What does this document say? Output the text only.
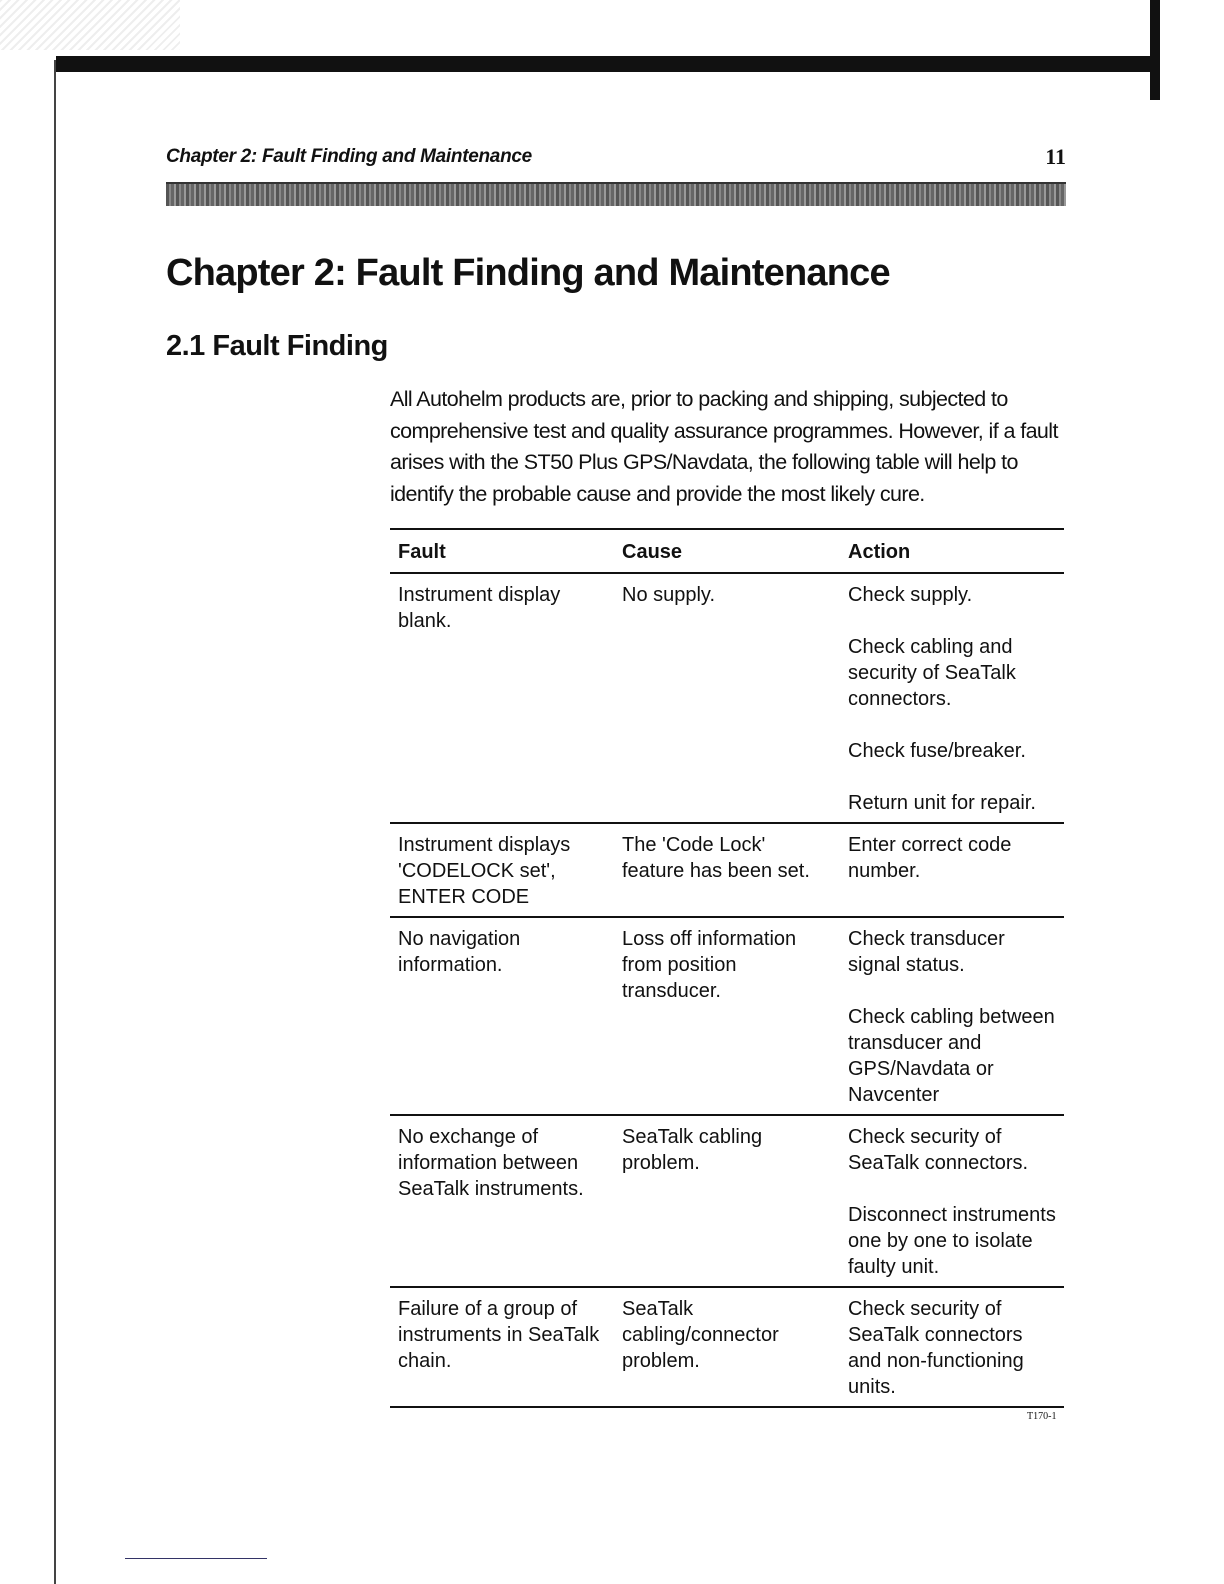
Chapter 2: Fault Finding and Maintenance	11
Chapter 2: Fault Finding and Maintenance
2.1 Fault Finding

All Autohelm products are, prior to packing and shipping, subjected to comprehensive test and quality assurance programmes. However, if a fault arises with the ST50 Plus GPS/Navdata, the following table will help to identify the probable cause and provide the most likely cure.

Fault	Cause	Action
Instrument display blank.	No supply.	Check supply.

Check cabling and security of SeaTalk connectors.

Check fuse/breaker.

Return unit for repair.

Instrument displays 'CODELOCK set', ENTER CODE	The 'Code Lock' feature has been set.	Enter correct code number.

No navigation information.	Loss off information from position transducer.	Check transducer signal status.

Check cabling between transducer and GPS/Navdata or Navcenter

No exchange of information between SeaTalk instruments.	SeaTalk cabling problem.	Check security of SeaTalk connectors.

Disconnect instruments one by one to isolate faulty unit.

Failure of a group of instruments in SeaTalk chain.	SeaTalk cabling/connector problem.	Check security of SeaTalk connectors and non-functioning units.

T170-1
